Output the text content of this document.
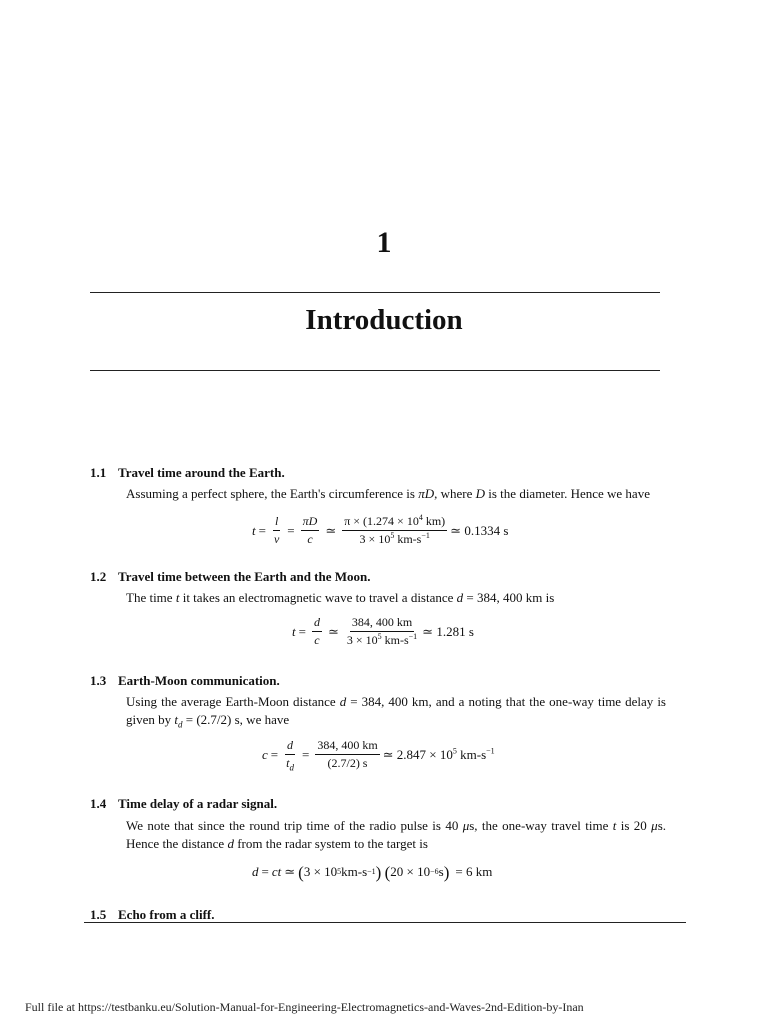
1
Introduction
1.1 Travel time around the Earth.
Assuming a perfect sphere, the Earth's circumference is πD, where D is the diameter. Hence we have
$t = \frac{l}{v} = \frac{\pi D}{c}$ ≃ $\frac{\pi \times (1.274 \times 10^4 km)}{3 \times 10^5 km-s^{-1}}$ ≃ 0.1334 s
1.2 Travel time between the Earth and the Moon.
The time t it takes an electromagnetic wave to travel a distance d = 384, 400 km is
$t = \frac{d}{c}$ ≃ $\frac{384, 400 km}{3 \times 10^5 km-s^{-1}}$ ≃ 1.281 s
1.3 Earth-Moon communication.
Using the average Earth-Moon distance d = 384, 400 km, and a noting that the one-way time delay is given by $t_d = (2.7/2)$ s, we have
$c = \frac{d}{t_d} = \frac{384, 400 km}{(2.7/2) s}$ ≃ $2.847 \times 10^5$ $km-s^{-1}$
1.4 Time delay of a radar signal.
We note that since the round trip time of the radio pulse is 40 μs, the one-way travel time t is 20 μs. Hence the distance d from the radar system to the target is
d = ct ≃ ( 3 × 10 5 km-s −1 )
( 20 × 10 −6 s ) = 6 km
1.5 Echo from a cliff.
Full file at https://testbanku.eu/Solution-Manual-for-Engineering-Electromagnetics-and-Waves-2nd-Edition-by-Inan
